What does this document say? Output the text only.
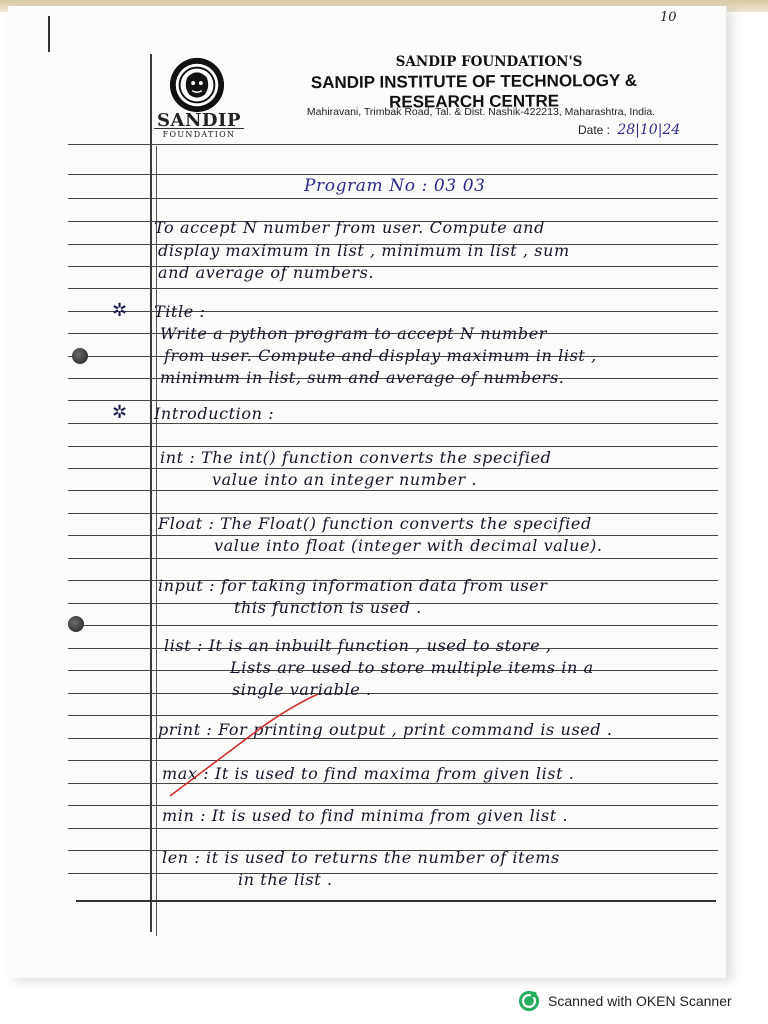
10
SANDIP
FOUNDATION
SANDIP FOUNDATION'S
SANDIP INSTITUTE OF TECHNOLOGY & RESEARCH CENTRE
Mahiravani, Trimbak Road, Tal. & Dist. Nashik-422213, Maharashtra, India.
Date : 28|10|24
Program No : 03 03
To accept N number from user. Compute and
display maximum in list , minimum in list , sum
and average of numbers.
✲ Title :
Write a python program to accept N number
from user. Compute and display maximum in list ,
minimum in list, sum and average of numbers.
✲ Introduction :
int : The int() function converts the specified
value into an integer number .
Float : The Float() function converts the specified
value into float (integer with decimal value).
input : for taking information data from user
this function is used .
list : It is an inbuilt function , used to store ,
Lists are used to store multiple items in a
single variable .
print : For printing output , print command is used .
max : It is used to find maxima from given list .
min : It is used to find minima from given list .
len : it is used to returns the number of items
in the list .
Scanned with OKEN Scanner
